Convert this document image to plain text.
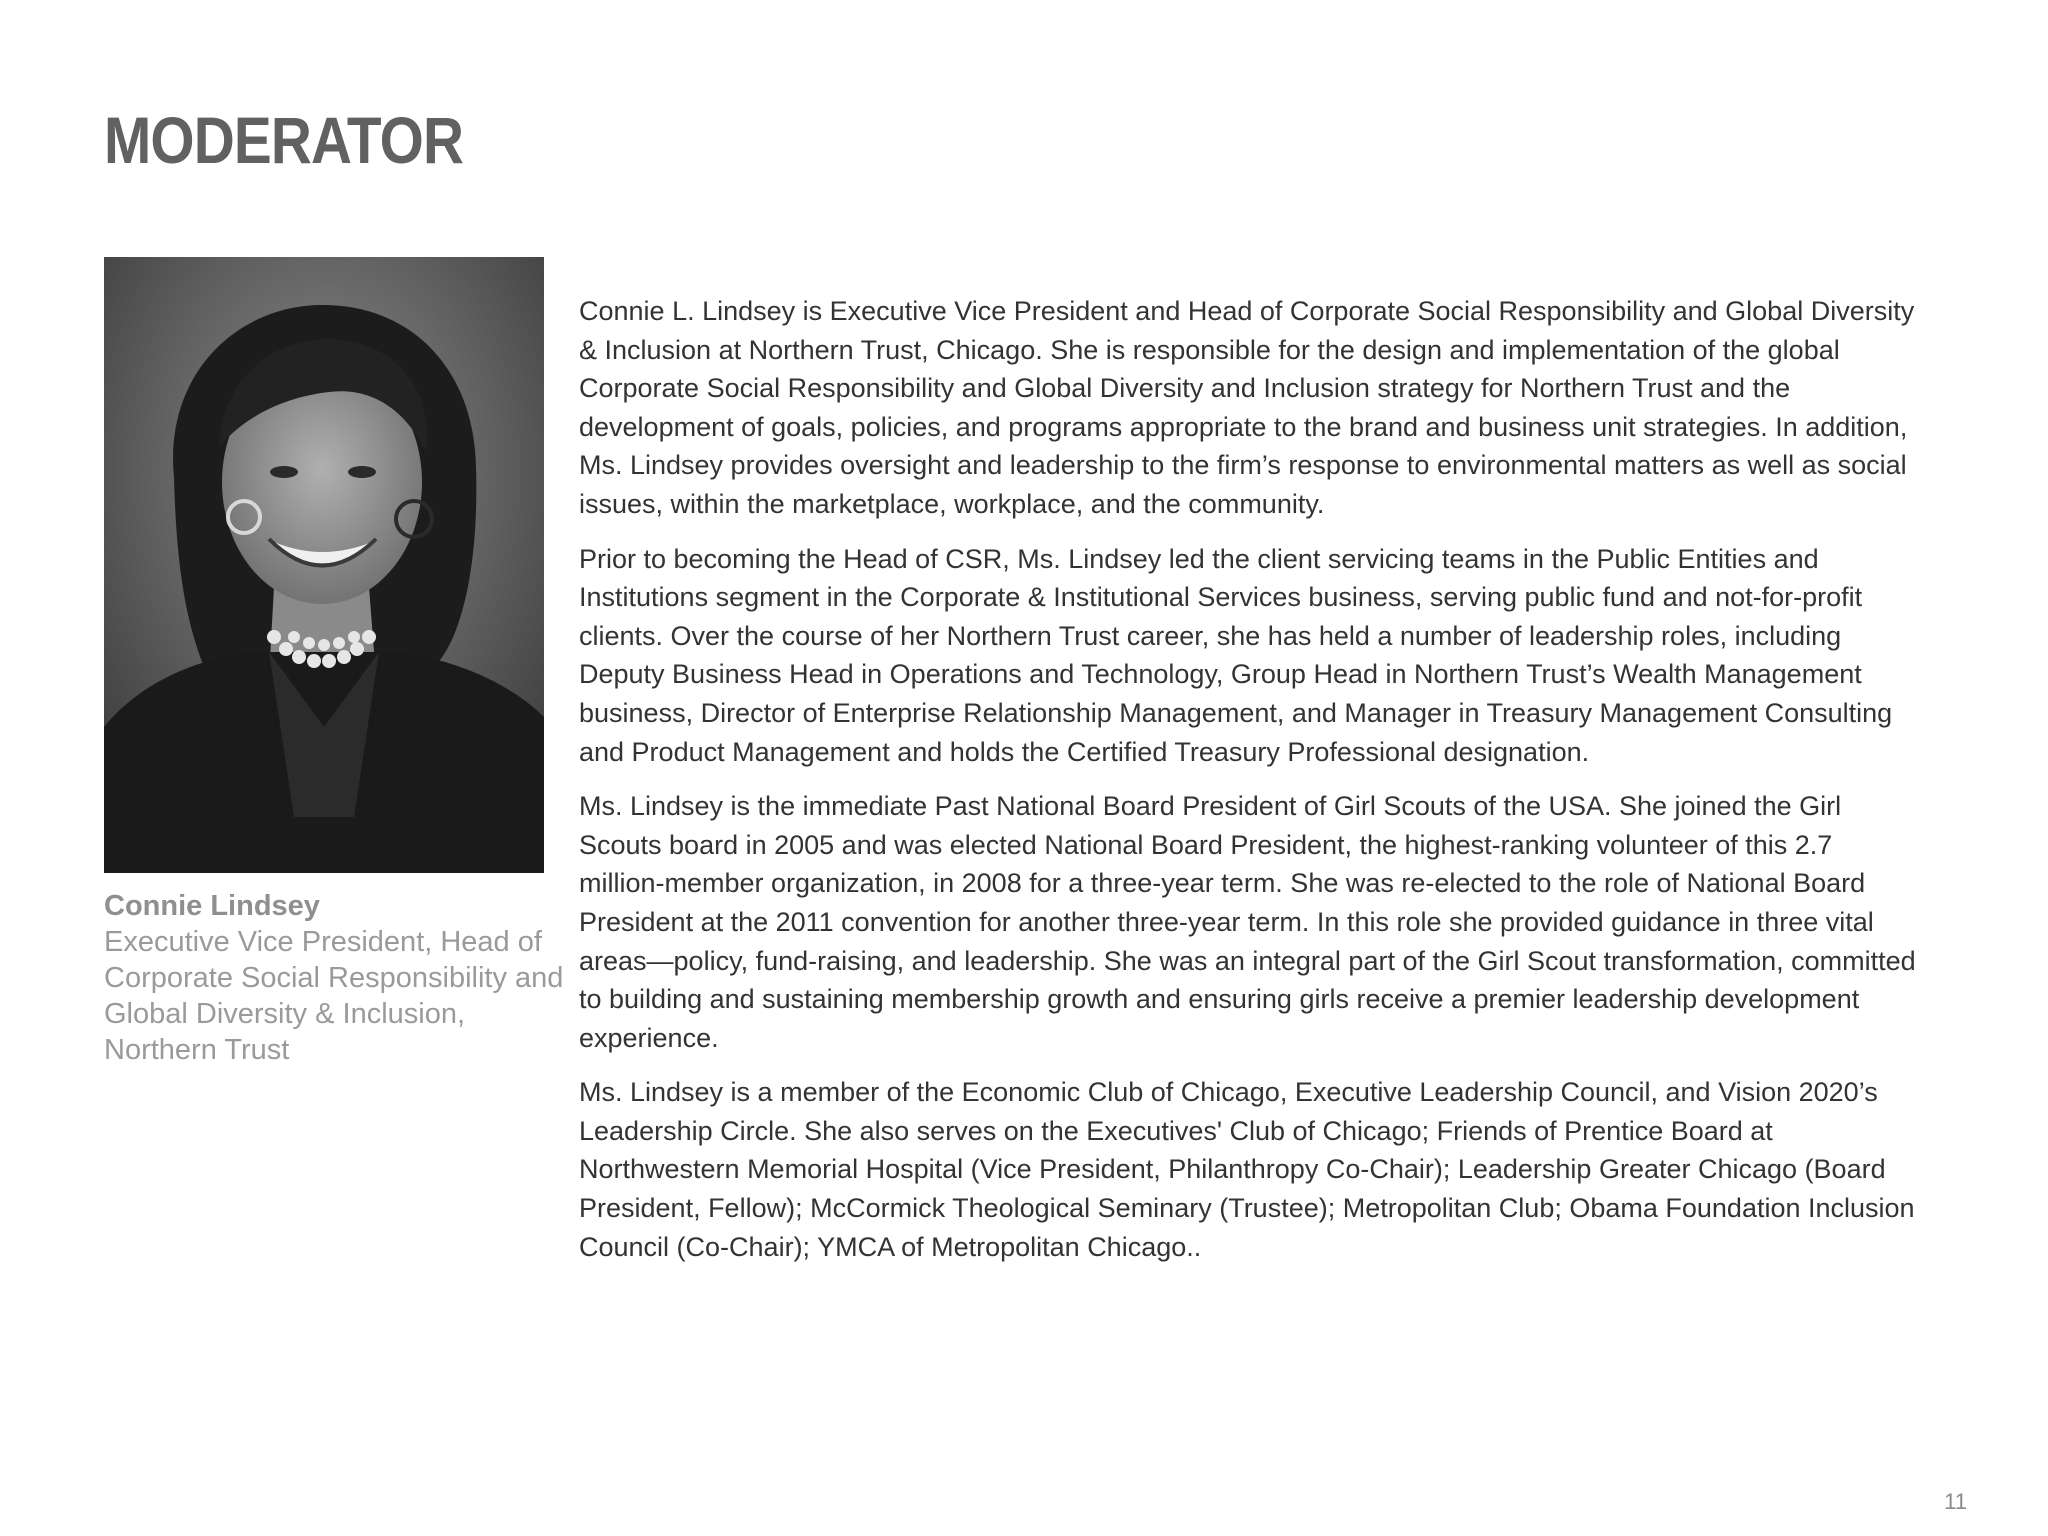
MODERATOR
Connie Lindsey
Executive Vice President, Head of Corporate Social Responsibility and Global Diversity & Inclusion, Northern Trust

Connie L. Lindsey is Executive Vice President and Head of Corporate Social Responsibility and Global Diversity & Inclusion at Northern Trust, Chicago. She is responsible for the design and implementation of the global Corporate Social Responsibility and Global Diversity and Inclusion strategy for Northern Trust and the development of goals, policies, and programs appropriate to the brand and business unit strategies. In addition, Ms. Lindsey provides oversight and leadership to the firm’s response to environmental matters as well as social issues, within the marketplace, workplace, and the community.

Prior to becoming the Head of CSR, Ms. Lindsey led the client servicing teams in the Public Entities and Institutions segment in the Corporate & Institutional Services business, serving public fund and not-for-profit clients. Over the course of her Northern Trust career, she has held a number of leadership roles, including Deputy Business Head in Operations and Technology, Group Head in Northern Trust’s Wealth Management business, Director of Enterprise Relationship Management, and Manager in Treasury Management Consulting and Product Management and holds the Certified Treasury Professional designation.

Ms. Lindsey is the immediate Past National Board President of Girl Scouts of the USA. She joined the Girl Scouts board in 2005 and was elected National Board President, the highest-ranking volunteer of this 2.7 million-member organization, in 2008 for a three-year term. She was re-elected to the role of National Board President at the 2011 convention for another three-year term. In this role she provided guidance in three vital areas—policy, fund-raising, and leadership. She was an integral part of the Girl Scout transformation, committed to building and sustaining membership growth and ensuring girls receive a premier leadership development experience.

Ms. Lindsey is a member of the Economic Club of Chicago, Executive Leadership Council, and Vision 2020’s Leadership Circle. She also serves on the Executives' Club of Chicago; Friends of Prentice Board at Northwestern Memorial Hospital (Vice President, Philanthropy Co-Chair); Leadership Greater Chicago (Board President, Fellow); McCormick Theological Seminary (Trustee); Metropolitan Club; Obama Foundation Inclusion Council (Co-Chair); YMCA of Metropolitan Chicago..

11
